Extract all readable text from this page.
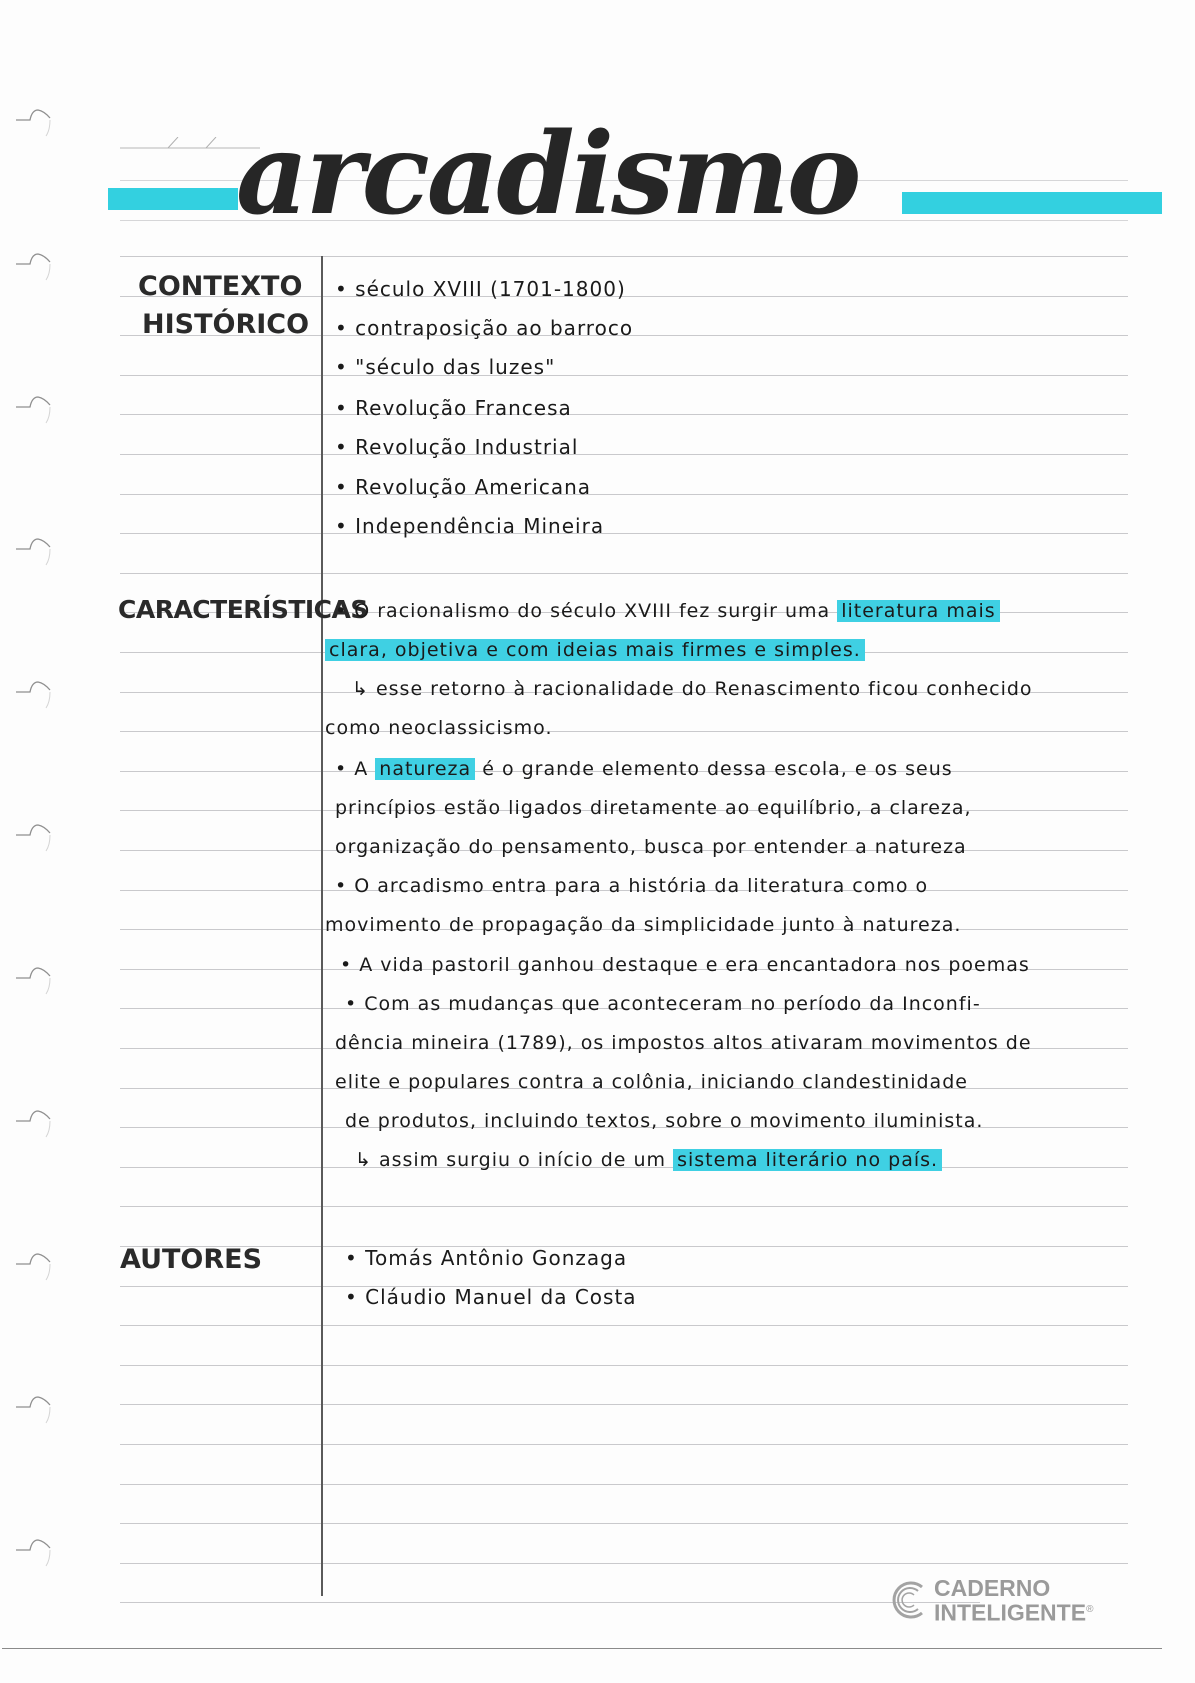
arcadismo
CONTEXTO
HISTÓRICO
• século XVIII (1701-1800)
• contraposição ao barroco
• "século das luzes"
• Revolução Francesa
• Revolução Industrial
• Revolução Americana
• Independência Mineira
CARACTERÍSTICAS
• O racionalismo do século XVIII fez surgir uma literatura mais
clara, objetiva e com ideias mais firmes e simples.
↳ esse retorno à racionalidade do Renascimento ficou conhecido
como neoclassicismo.
• A natureza é o grande elemento dessa escola, e os seus
princípios estão ligados diretamente ao equilíbrio, a clareza,
organização do pensamento, busca por entender a natureza
• O arcadismo entra para a história da literatura como o
movimento de propagação da simplicidade junto à natureza.
• A vida pastoril ganhou destaque e era encantadora nos poemas
• Com as mudanças que aconteceram no período da Inconfi-
dência mineira (1789), os impostos altos ativaram movimentos de
elite e populares contra a colônia, iniciando clandestinidade
de produtos, incluindo textos, sobre o movimento iluminista.
↳ assim surgiu o início de um sistema literário no país.
AUTORES	• Tomás Antônio Gonzaga
• Cláudio Manuel da Costa
CADERNO
INTELIGENTE®
